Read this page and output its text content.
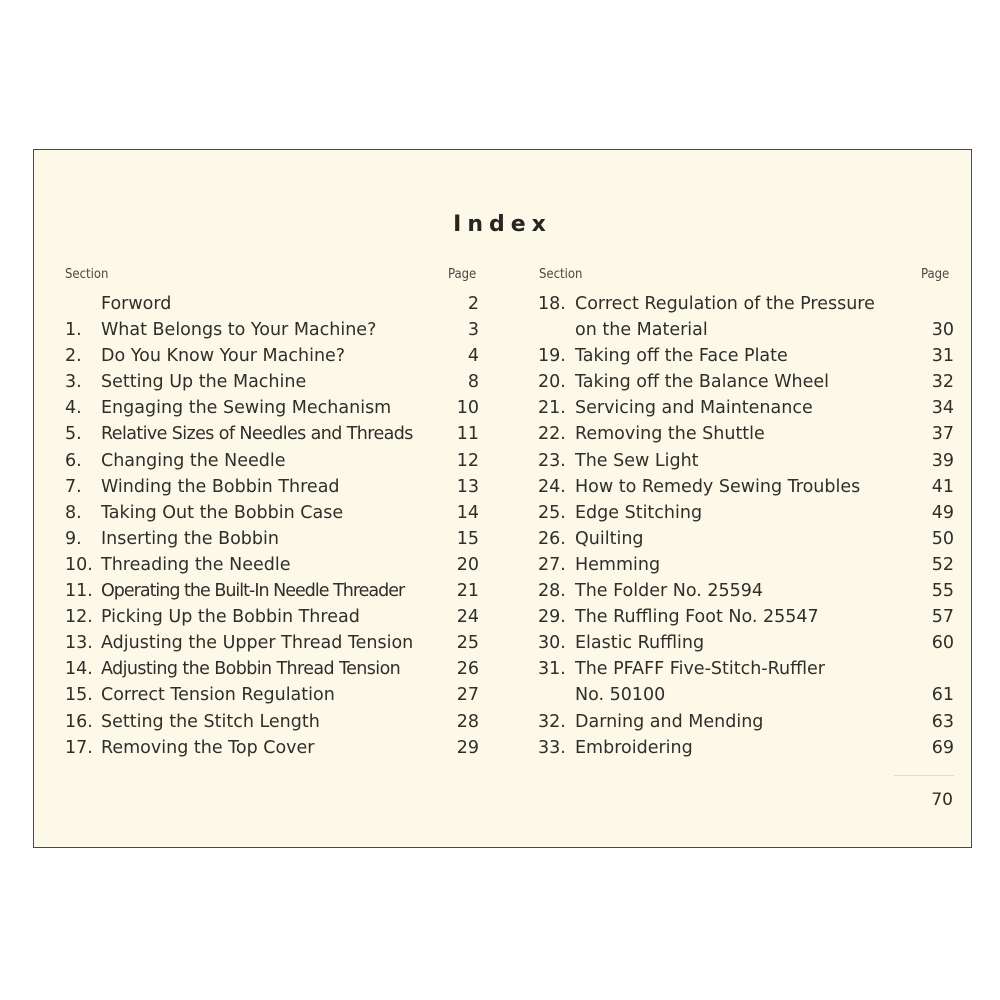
Index
Section	Page	Section	Page
Forword	2
1. What Belongs to Your Machine?	3
2. Do You Know Your Machine?	4
3. Setting Up the Machine	8
4. Engaging the Sewing Mechanism	10
5. Relative Sizes of Needles and Threads	11
6. Changing the Needle	12
7. Winding the Bobbin Thread	13
8. Taking Out the Bobbin Case	14
9. Inserting the Bobbin	15
10. Threading the Needle	20
11. Operating the Built-In Needle Threader	21
12. Picking Up the Bobbin Thread	24
13. Adjusting the Upper Thread Tension 25
14. Adjusting the Bobbin Thread Tension	26
15. Correct Tension Regulation	27
16. Setting the Stitch Length	28
17. Removing the Top Cover	29
18. Correct Regulation of the Pressure
on the Material	30
19. Taking off the Face Plate	31
20. Taking off the Balance Wheel	32
21. Servicing and Maintenance	34
22. Removing the Shuttle	37
23. The Sew Light	39
24. How to Remedy Sewing Troubles	41
25. Edge Stitching	49
26. Quilting	50
27. Hemming	52
28. The Folder No. 25594	55
29. The Ruffling Foot No. 25547	57
30. Elastic Ruffling	60
31. The PFAFF Five-Stitch-Ruffler
No. 50100	61
32. Darning and Mending	63
33. Embroidering	69
70
